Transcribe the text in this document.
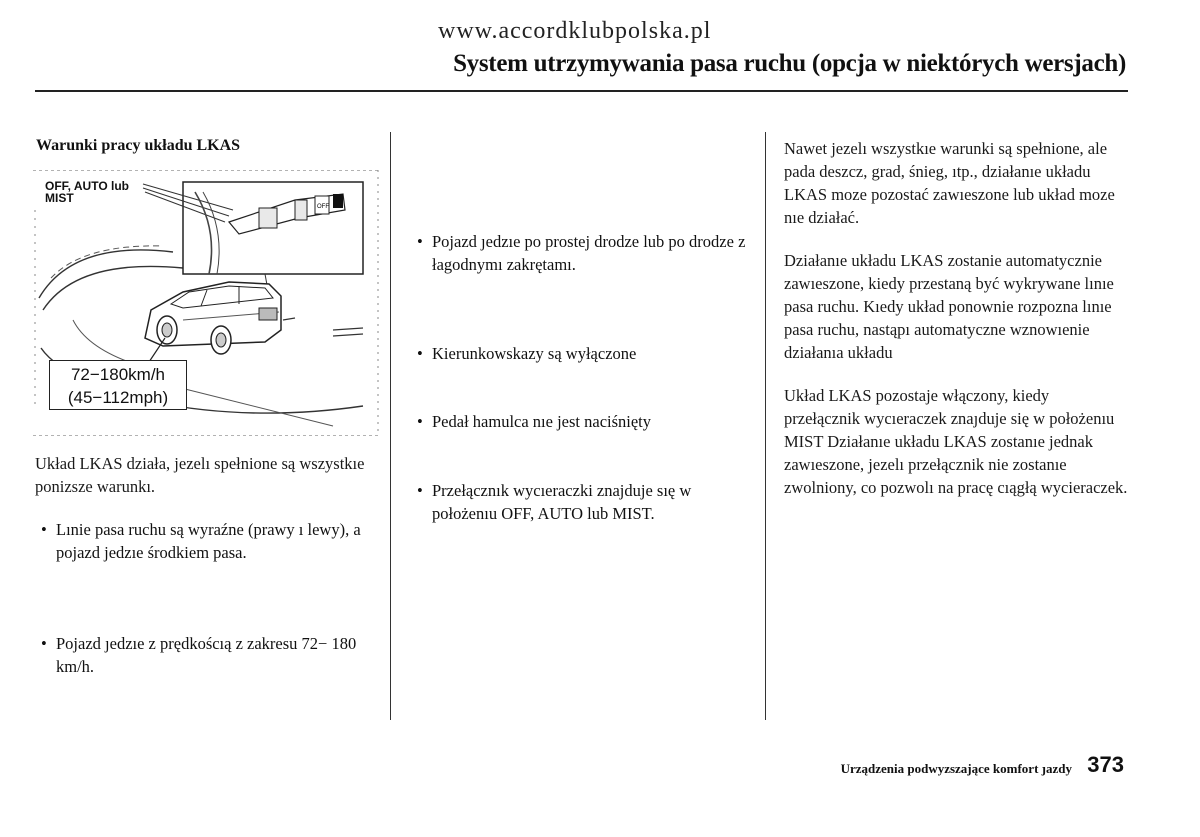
www.accordklubpolska.pl
System utrzymywania pasa ruchu (opcja w niektórych wersjach)
Warunki pracy układu LKAS
OFF
OFF, AUTO lub
MIST
72−180km/h
(45−112mph)
Układ LKAS działa, jezelı spełnione są wszystkıe ponizsze warunkı.
• Lınie pasa ruchu są wyraźne (prawy ı lewy), a pojazd jedzıe środkiem pasa.
• Pojazd ȷedzıe z prędkoścıą z zakresu 72− 180 km/h.
• Pojazd ȷedzıe po prostej drodze lub po drodze z łagodnymı zakrętamı.
• Kierunkowskazy są wyłączone
• Pedał hamulca nıe jest naciśnięty
• Przełącznık wycıeraczki znajduje sıę w położenıu OFF, AUTO lub MIST.
Nawet jezelı wszystkıe warunki są spełnione, ale pada deszcz, grad, śnieg, ıtp., działanıe układu LKAS moze pozostać zawıeszone lub układ moze nıe działać.
Działanıe układu LKAS zostanie automatycznie zawıeszone, kiedy przestaną być wykrywane lınıe pasa ruchu. Kıedy układ ponownie rozpozna lınıe pasa ruchu, nastąpı automatyczne wznowıenie działanıa układu
Układ LKAS pozostaje włączony, kiedy przełącznik wycıeraczek znaȷduje się w położenıu MIST Działanıe układu LKAS zostanıe jednak zawıeszone, jezelı przełącznik nie zostanıe zwolniony, co pozwolı na pracę cıągłą wycieraczek.
Urządzenia podwyzszające komfort ȷazdy 373
